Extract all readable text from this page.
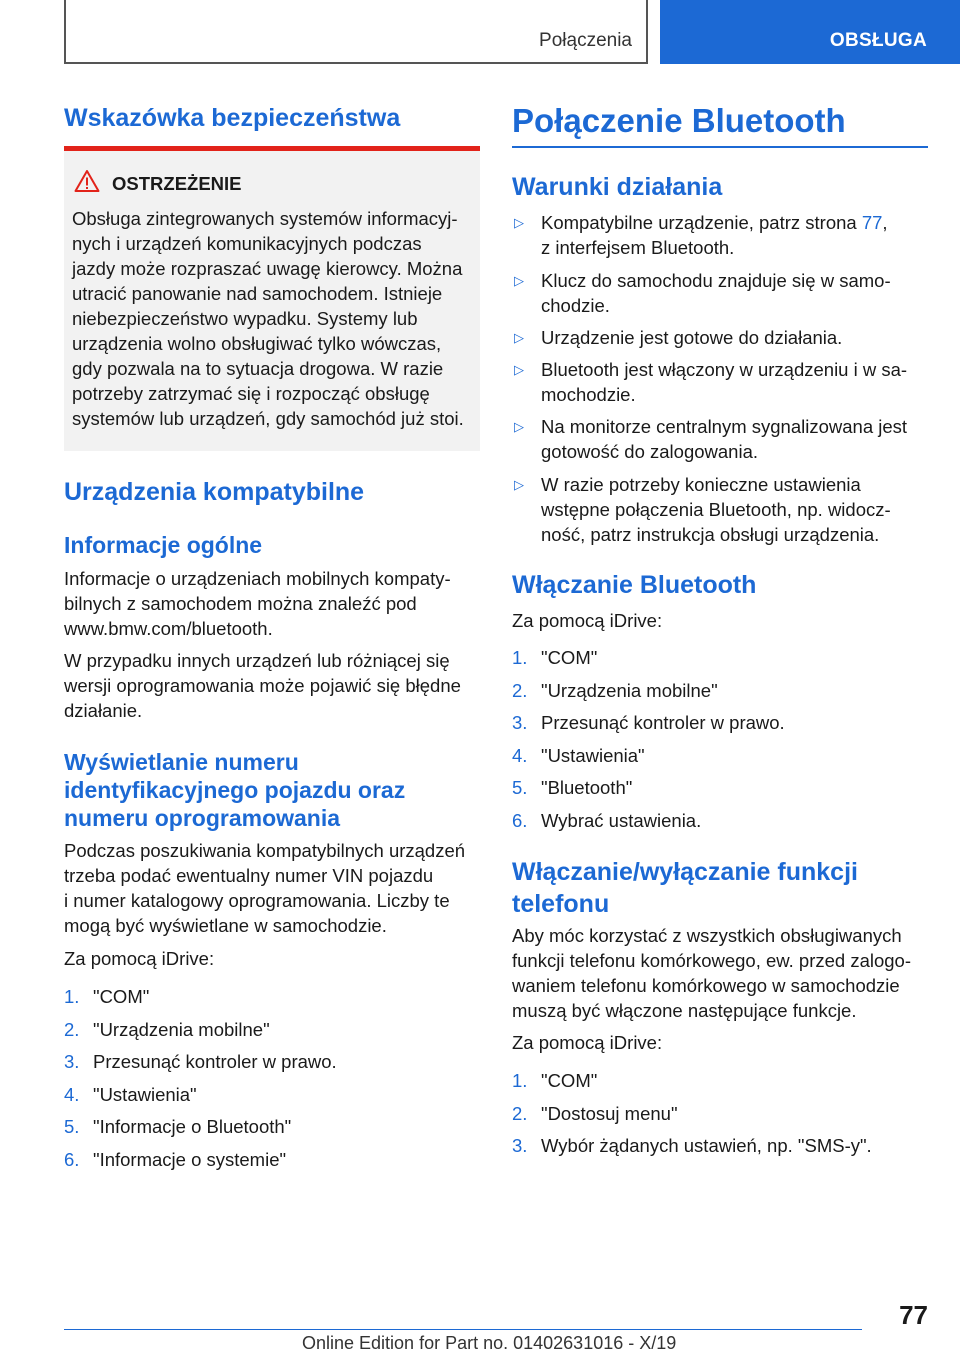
Połączenia	OBSŁUGA
Wskazówka bezpieczeństwa
OSTRZEŻENIE
Obsługa zintegrowanych systemów informacyj-
nych i urządzeń komunikacyjnych podczas
jazdy może rozpraszać uwagę kierowcy. Można
utracić panowanie nad samochodem. Istnieje
niebezpieczeństwo wypadku. Systemy lub
urządzenia wolno obsługiwać tylko wówczas,
gdy pozwala na to sytuacja drogowa. W razie
potrzeby zatrzymać się i rozpocząć obsługę
systemów lub urządzeń, gdy samochód już stoi.
Urządzenia kompatybilne
Informacje ogólne
Informacje o urządzeniach mobilnych kompaty-
bilnych z samochodem można znaleźć pod
www.bmw.com/bluetooth.
W przypadku innych urządzeń lub różniącej się
wersji oprogramowania może pojawić się błędne
działanie.
Wyświetlanie numeru
identyfikacyjnego pojazdu oraz
numeru oprogramowania
Podczas poszukiwania kompatybilnych urządzeń
trzeba podać ewentualny numer VIN pojazdu
i numer katalogowy oprogramowania. Liczby te
mogą być wyświetlane w samochodzie.
Za pomocą iDrive:
1. "COM"
2. "Urządzenia mobilne"
3. Przesunąć kontroler w prawo.
4. "Ustawienia"
5. "Informacje o Bluetooth"
6. "Informacje o systemie"
Połączenie Bluetooth
Warunki działania
▷ Kompatybilne urządzenie, patrz strona 77,
z interfejsem Bluetooth.
▷ Klucz do samochodu znajduje się w samo-
chodzie.
▷ Urządzenie jest gotowe do działania.
▷ Bluetooth jest włączony w urządzeniu i w sa-
mochodzie.
▷ Na monitorze centralnym sygnalizowana jest
gotowość do zalogowania.
▷ W razie potrzeby konieczne ustawienia
wstępne połączenia Bluetooth, np. widocz-
ność, patrz instrukcja obsługi urządzenia.
Włączanie Bluetooth
Za pomocą iDrive:
1. "COM"
2. "Urządzenia mobilne"
3. Przesunąć kontroler w prawo.
4. "Ustawienia"
5. "Bluetooth"
6. Wybrać ustawienia.
Włączanie/wyłączanie funkcji
telefonu
Aby móc korzystać z wszystkich obsługiwanych
funkcji telefonu komórkowego, ew. przed zalogo-
waniem telefonu komórkowego w samochodzie
muszą być włączone następujące funkcje.
Za pomocą iDrive:
1. "COM"
2. "Dostosuj menu"
3. Wybór żądanych ustawień, np. "SMS-y".
77
Online Edition for Part no. 01402631016 - X/19
